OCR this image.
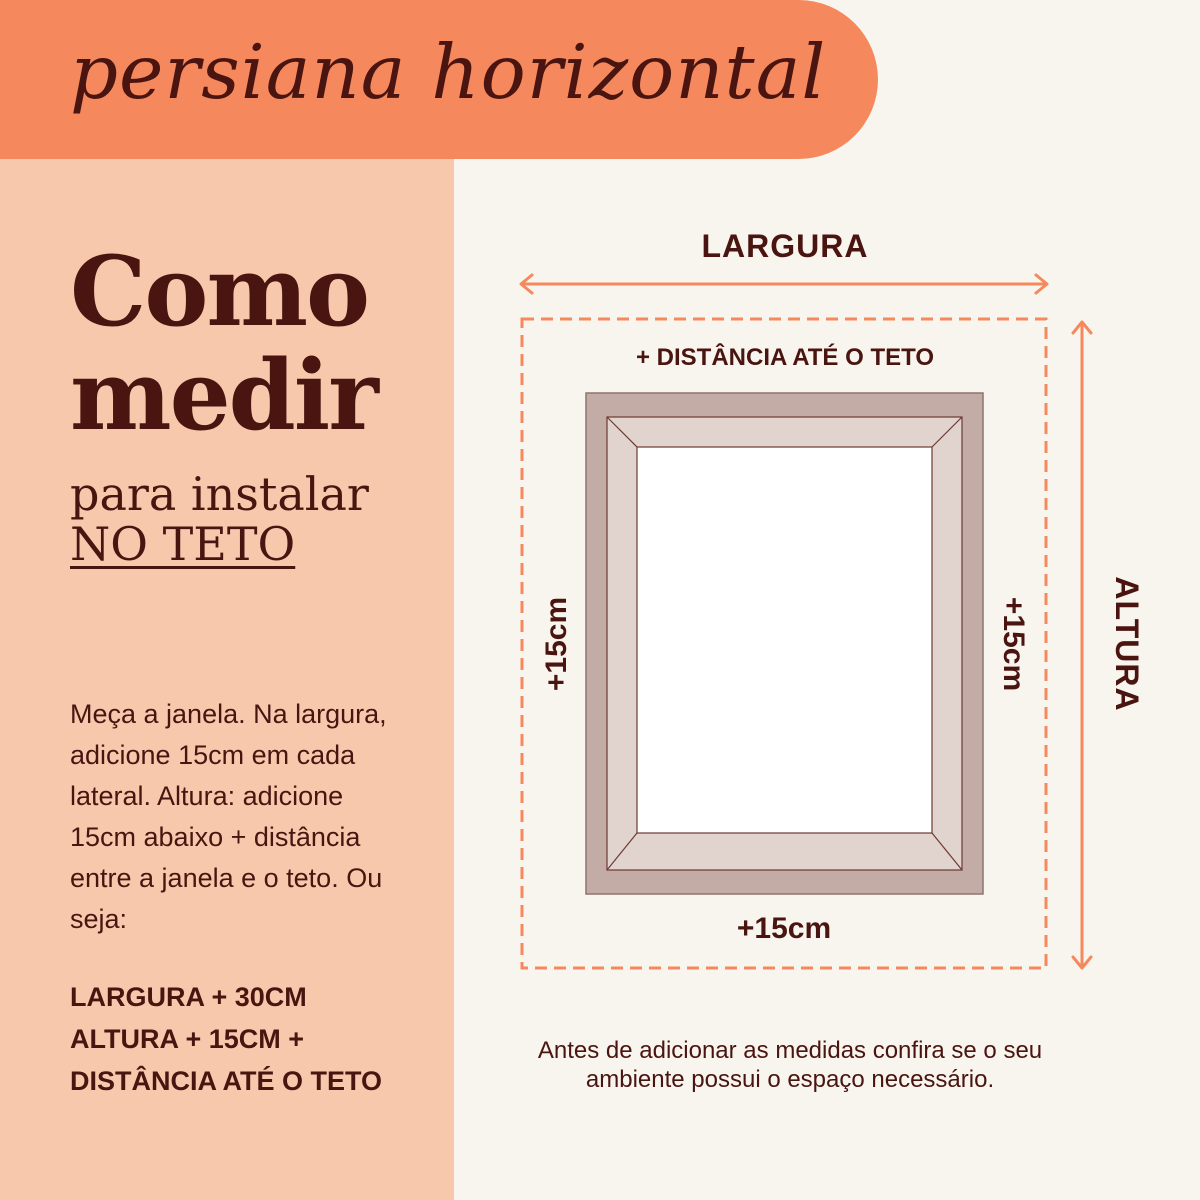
persiana horizontal
Como
medir
para instalar
NO TETO
Meça a janela. Na largura, adicione 15cm em cada lateral. Altura: adicione 15cm abaixo + distância entre a janela e o teto. Ou seja:
LARGURA + 30CM
ALTURA + 15CM +
DISTÂNCIA ATÉ O TETO
LARGURA
+ DISTÂNCIA ATÉ O TETO
+15cm
+15cm	+15cm ALTURA
Antes de adicionar as medidas confira se o seu ambiente possui o espaço necessário.
